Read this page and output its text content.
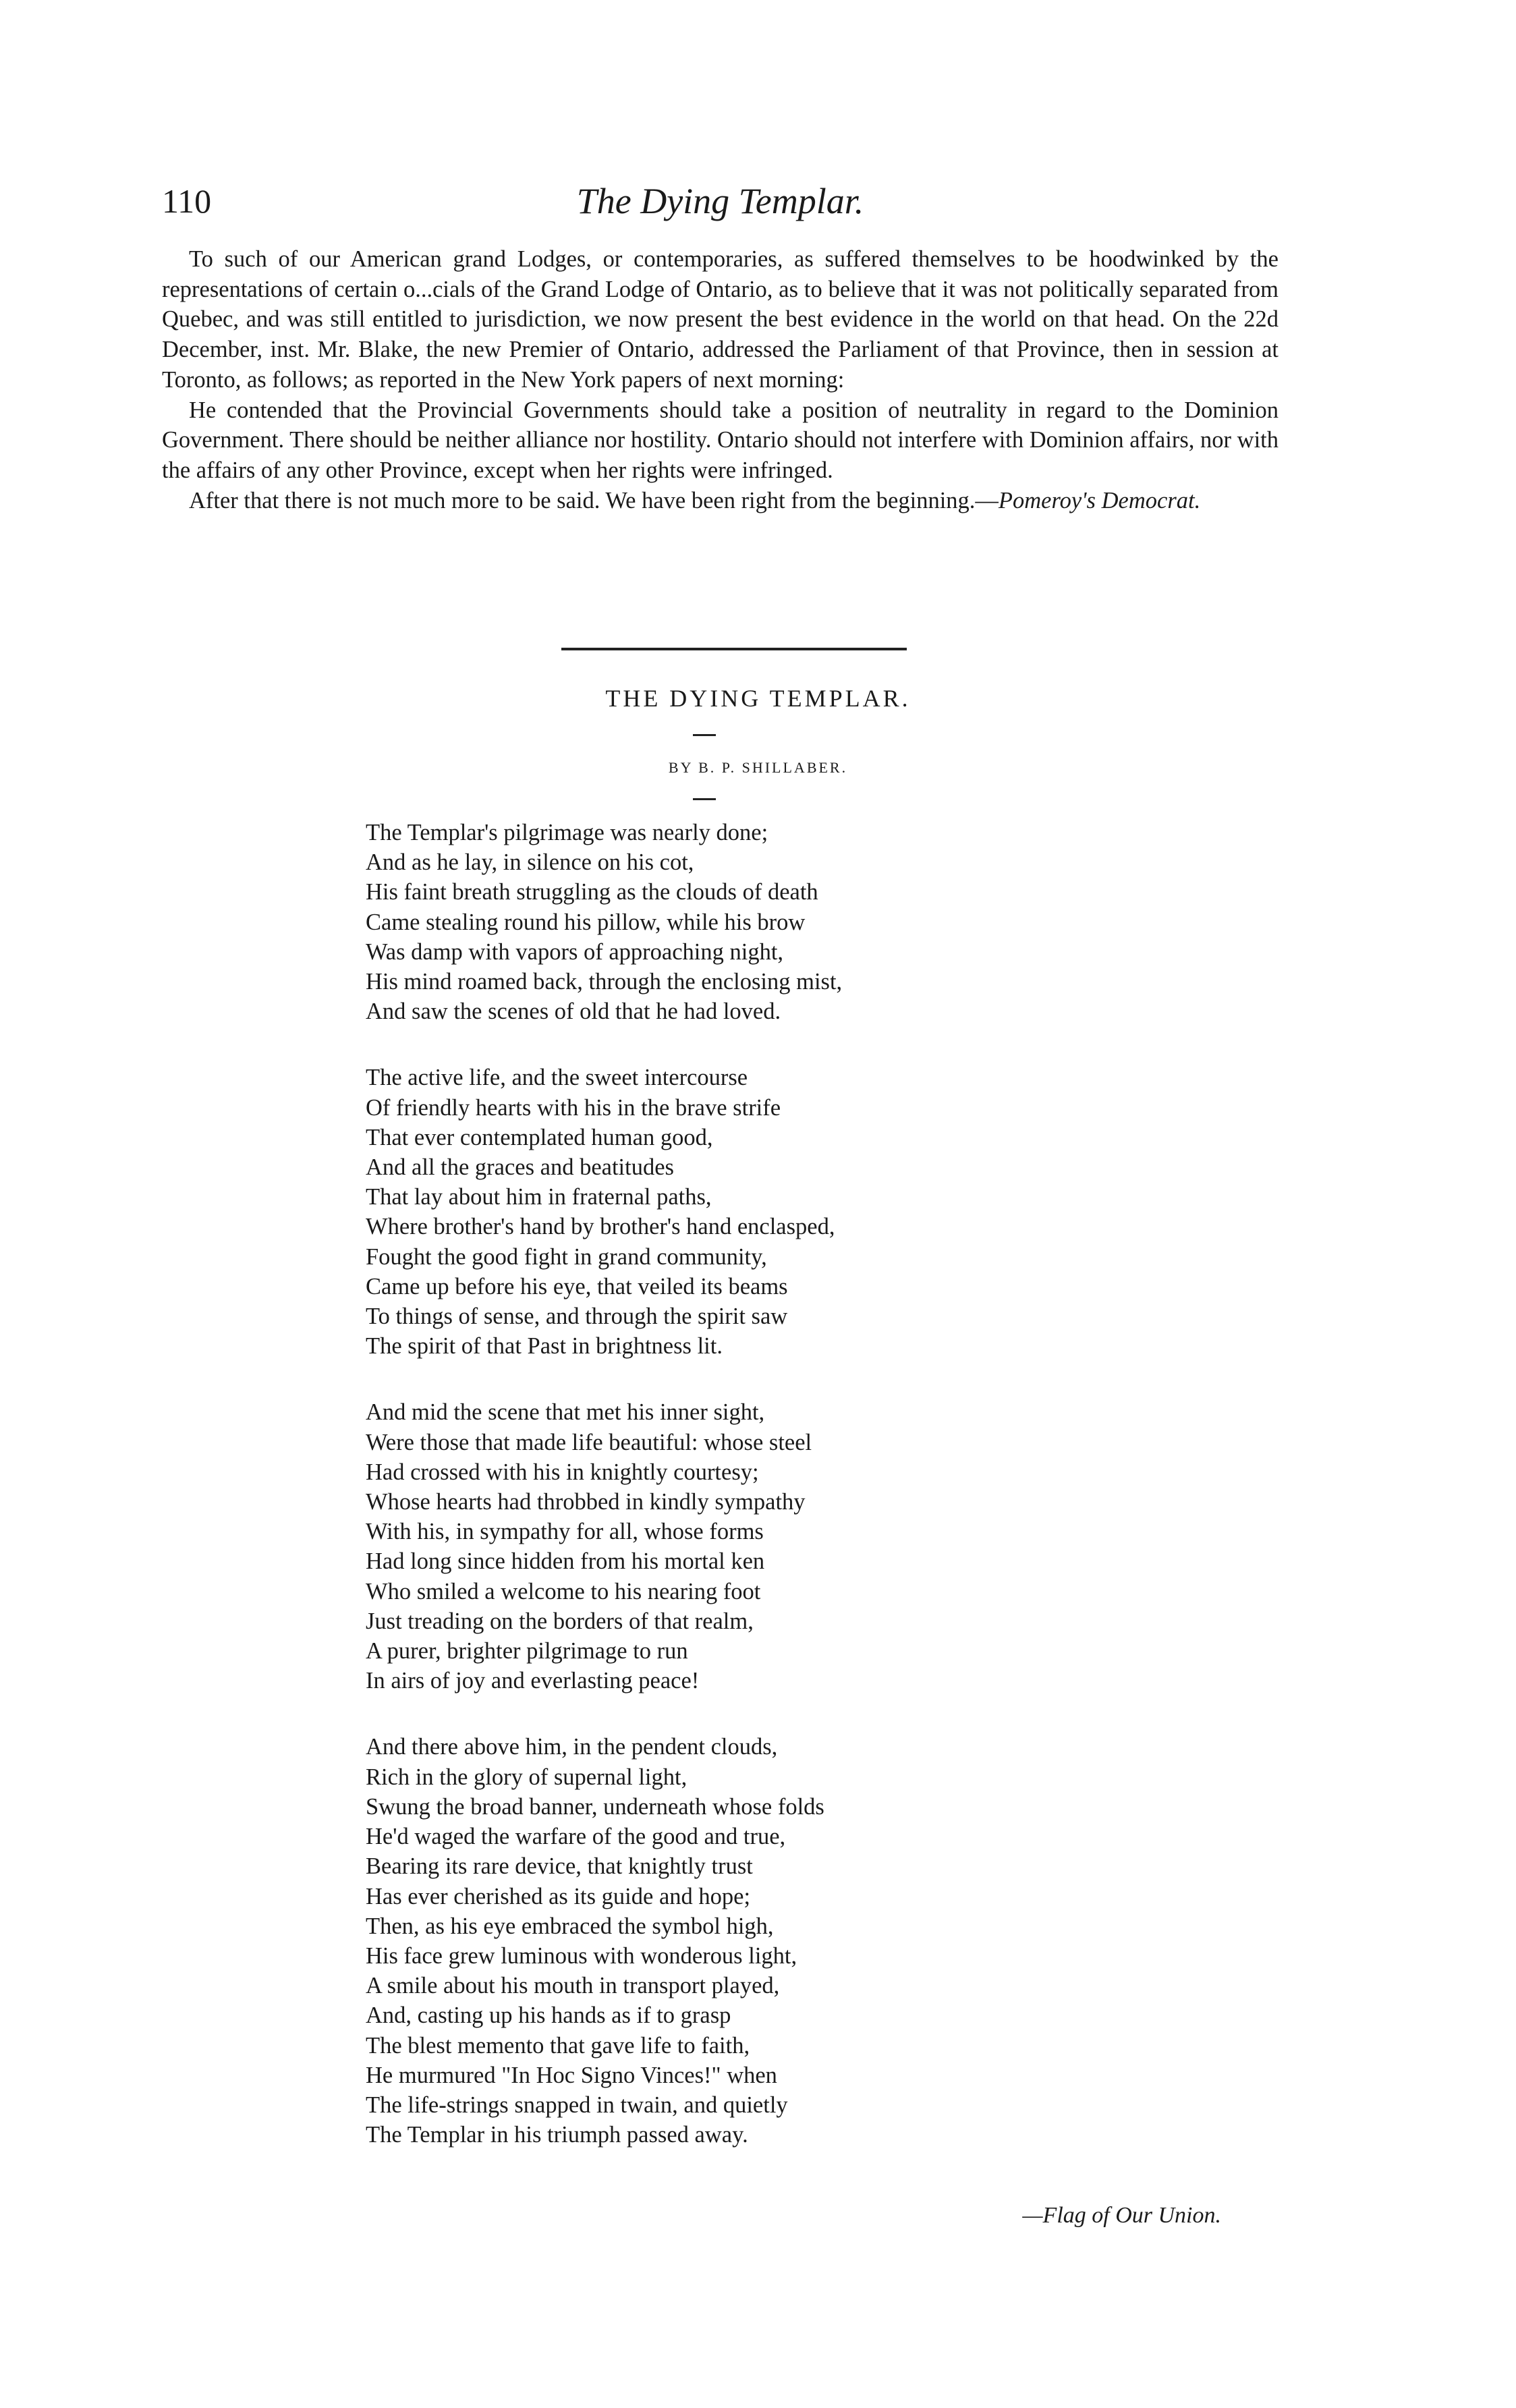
110	The Dying Templar.

To such of our American grand Lodges, or contemporaries, as suffered themselves to be hoodwinked by the representations of certain o...cials of the Grand Lodge of Ontario, as to believe that it was not politically separated from Quebec, and was still entitled to jurisdiction, we now present the best evidence in the world on that head. On the 22d December, inst. Mr. Blake, the new Premier of Ontario, addressed the Parliament of that Province, then in session at Toronto, as follows; as reported in the New York papers of next morning:

He contended that the Provincial Governments should take a position of neutrality in regard to the Dominion Government. There should be neither alliance nor hostility. Ontario should not interfere with Dominion affairs, nor with the affairs of any other Province, except when her rights were infringed.

After that there is not much more to be said. We have been right from the beginning.—Pomeroy's Democrat.

THE DYING TEMPLAR.
BY B. P. SHILLABER.
The Templar's pilgrimage was nearly done;
And as he lay, in silence on his cot,
His faint breath struggling as the clouds of death
Came stealing round his pillow, while his brow
Was damp with vapors of approaching night,
His mind roamed back, through the enclosing mist,
And saw the scenes of old that he had loved.
The active life, and the sweet intercourse
Of friendly hearts with his in the brave strife
That ever contemplated human good,
And all the graces and beatitudes
That lay about him in fraternal paths,
Where brother's hand by brother's hand enclasped,
Fought the good fight in grand community,
Came up before his eye, that veiled its beams
To things of sense, and through the spirit saw
The spirit of that Past in brightness lit.
And mid the scene that met his inner sight,
Were those that made life beautiful: whose steel
Had crossed with his in knightly courtesy;
Whose hearts had throbbed in kindly sympathy
With his, in sympathy for all, whose forms
Had long since hidden from his mortal ken
Who smiled a welcome to his nearing foot
Just treading on the borders of that realm,
A purer, brighter pilgrimage to run
In airs of joy and everlasting peace!
And there above him, in the pendent clouds,
Rich in the glory of supernal light,
Swung the broad banner, underneath whose folds
He'd waged the warfare of the good and true,
Bearing its rare device, that knightly trust
Has ever cherished as its guide and hope;
Then, as his eye embraced the symbol high,
His face grew luminous with wonderous light,
A smile about his mouth in transport played,
And, casting up his hands as if to grasp
The blest memento that gave life to faith,
He murmured "In Hoc Signo Vinces!" when
The life-strings snapped in twain, and quietly
The Templar in his triumph passed away.
—Flag of Our Union.
